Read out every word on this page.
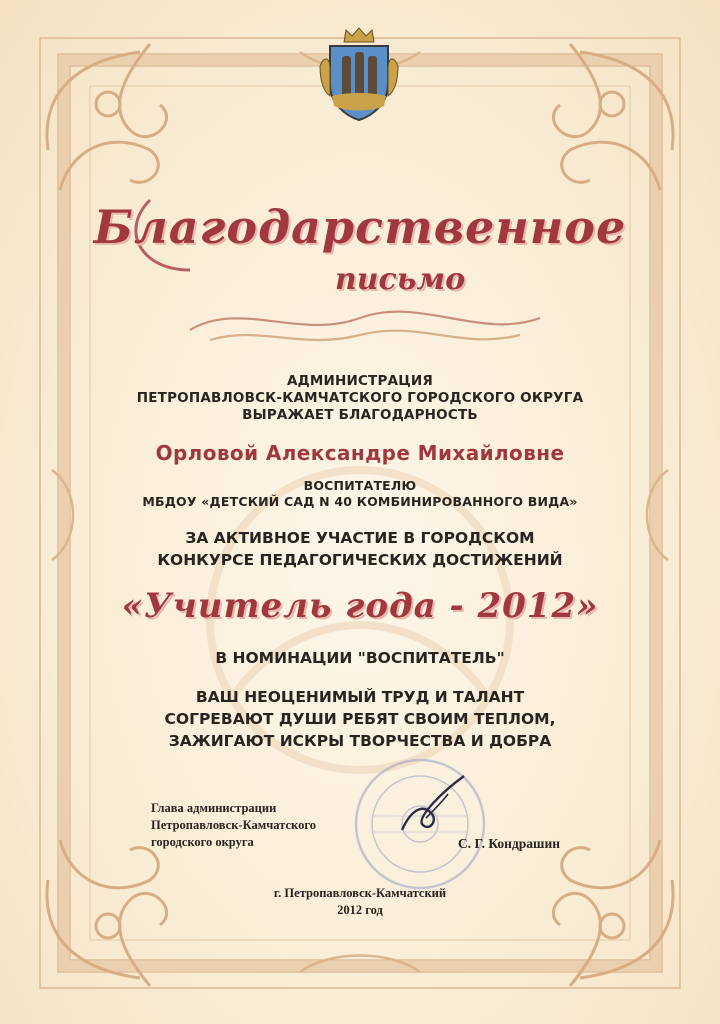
Благодарственное
письмо
АДМИНИСТРАЦИЯ
ПЕТРОПАВЛОВСК-КАМЧАТСКОГО ГОРОДСКОГО ОКРУГА
ВЫРАЖАЕТ БЛАГОДАРНОСТЬ
Орловой Александре Михайловне
ВОСПИТАТЕЛЮ
МБДОУ «ДЕТСКИЙ САД N 40 КОМБИНИРОВАННОГО ВИДА»
ЗА АКТИВНОЕ УЧАСТИЕ В ГОРОДСКОМ
КОНКУРСЕ ПЕДАГОГИЧЕСКИХ ДОСТИЖЕНИЙ
«Учитель года - 2012»
В НОМИНАЦИИ "ВОСПИТАТЕЛЬ"
ВАШ НЕОЦЕНИМЫЙ ТРУД И ТАЛАНТ
СОГРЕВАЮТ ДУШИ РЕБЯТ СВОИМ ТЕПЛОМ,
ЗАЖИГАЮТ ИСКРЫ ТВОРЧЕСТВА И ДОБРА
Глава администрации
Петропавловск-Камчатского
городского округа	С. Г. Кондрашин
г. Петропавловск-Камчатский
2012 год
